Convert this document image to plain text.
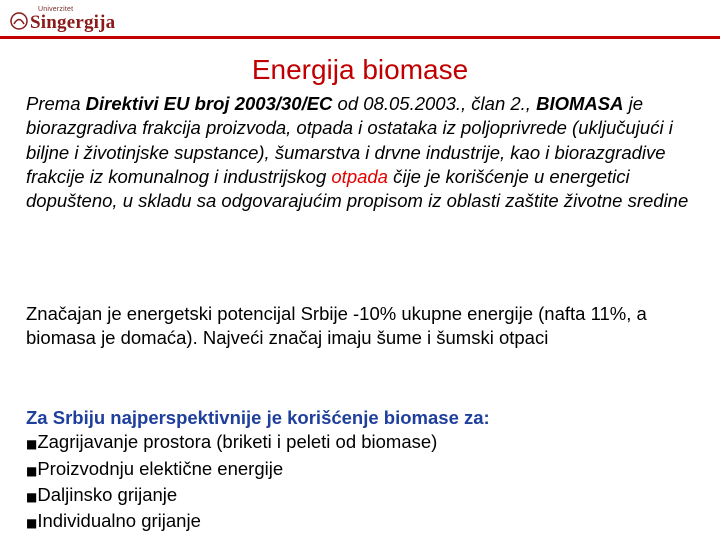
Univerzitet
Singergija
Energija biomase
Prema Direktivi EU broj 2003/30/EC od 08.05.2003., član 2., BIOMASA je biorazgradiva frakcija proizvoda, otpada i ostataka iz poljoprivrede (uključujući i biljne i životinjske supstance), šumarstva i drvne industrije, kao i biorazgradive frakcije iz komunalnog i industrijskog otpada čije je korišćenje u energetici dopušteno, u skladu sa odgovarajućim propisom iz oblasti zaštite životne sredine
Značajan je energetski potencijal Srbije -10% ukupne energije (nafta 11%, a biomasa je domaća). Najveći značaj imaju šume i šumski otpaci
Za Srbiju najperspektivnije je korišćenje biomase za:
■Zagrijavanje prostora (briketi i peleti od biomase)
■Proizvodnju elektične energije
■Daljinsko grijanje
■Individualno grijanje
